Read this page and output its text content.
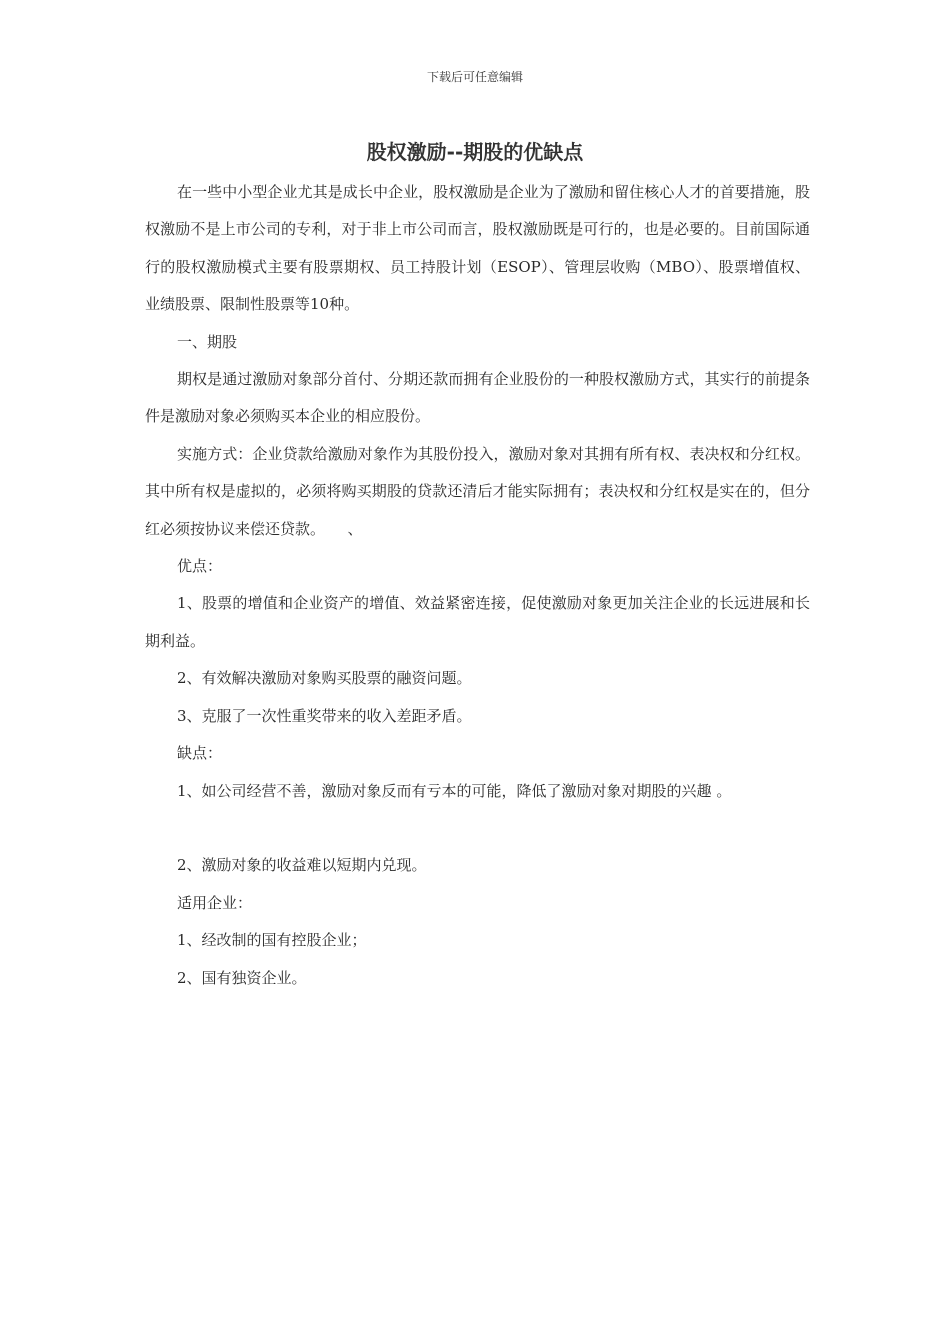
下载后可任意编辑
股权激励--期股的优缺点

在一些中小型企业尤其是成长中企业，股权激励是企业为了激励和留住核心人才的首要措施，股权激励不是上市公司的专利，对于非上市公司而言，股权激励既是可行的，也是必要的。目前国际通行的股权激励模式主要有股票期权、员工持股计划（ESOP）、管理层收购（MBO）、股票增值权、业绩股票、限制性股票等10种。

一、期股

期权是通过激励对象部分首付、分期还款而拥有企业股份的一种股权激励方式，其实行的前提条件是激励对象必须购买本企业的相应股份。

实施方式：企业贷款给激励对象作为其股份投入，激励对象对其拥有所有权、表决权和分红权。其中所有权是虚拟的，必须将购买期股的贷款还清后才能实际拥有；表决权和分红权是实在的，但分红必须按协议来偿还贷款。　　、

优点：

1、股票的增值和企业资产的增值、效益紧密连接，促使激励对象更加关注企业的长远进展和长期利益。

2、有效解决激励对象购买股票的融资问题。

3、克服了一次性重奖带来的收入差距矛盾。

缺点：

1、如公司经营不善，激励对象反而有亏本的可能，降低了激励对象对期股的兴趣 。

2、激励对象的收益难以短期内兑现。

适用企业：

1、经改制的国有控股企业；

2、国有独资企业。
